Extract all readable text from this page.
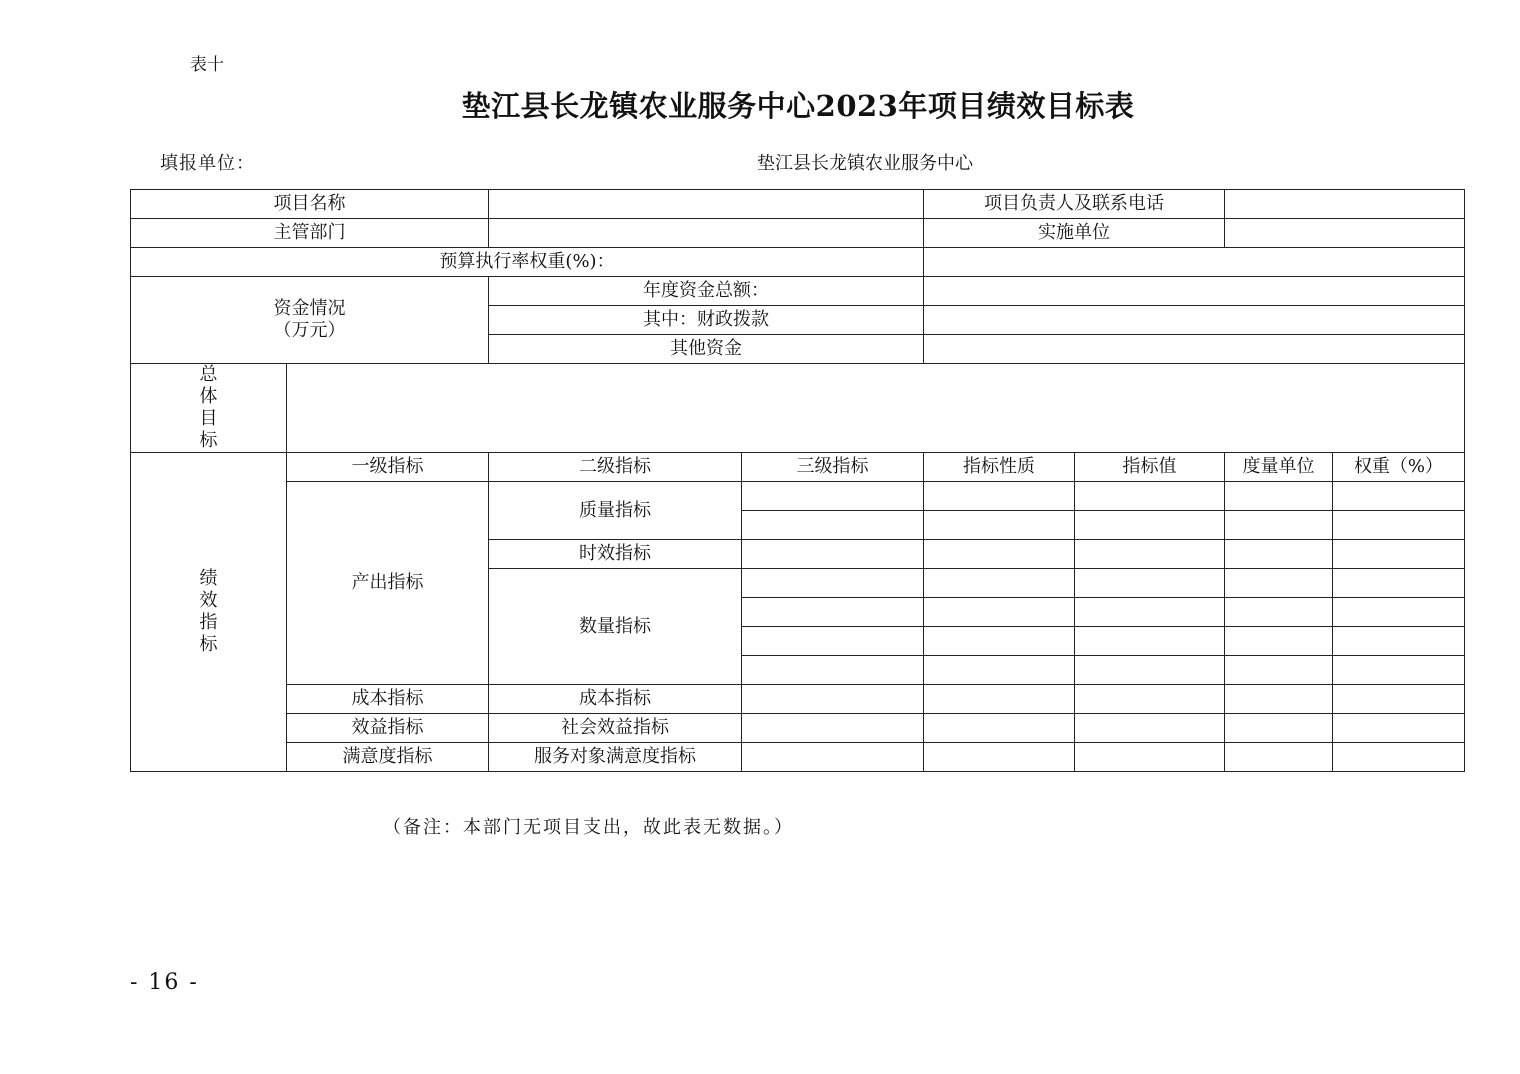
表十
垫江县长龙镇农业服务中心2023年项目绩效目标表
填报单位：	垫江县长龙镇农业服务中心
项目名称				项目负责人及联系电话			
主管部门				实施单位			
预算执行率权重(%)：							

资金情况
（万元）		年度资金总额：					
		其中：财政拨款					
		其他资金					

总
体
目
标							

绩
效
指
标	一级指标	二级指标	三级指标	指标性质	指标值	度量单位	权重（%）
	产出指标	质量指标					

		时效指标					
		数量指标					

	成本指标	成本指标					
	效益指标	社会效益指标					
	满意度指标	服务对象满意度指标					
（备注：本部门无项目支出，故此表无数据。）
- 16 -
